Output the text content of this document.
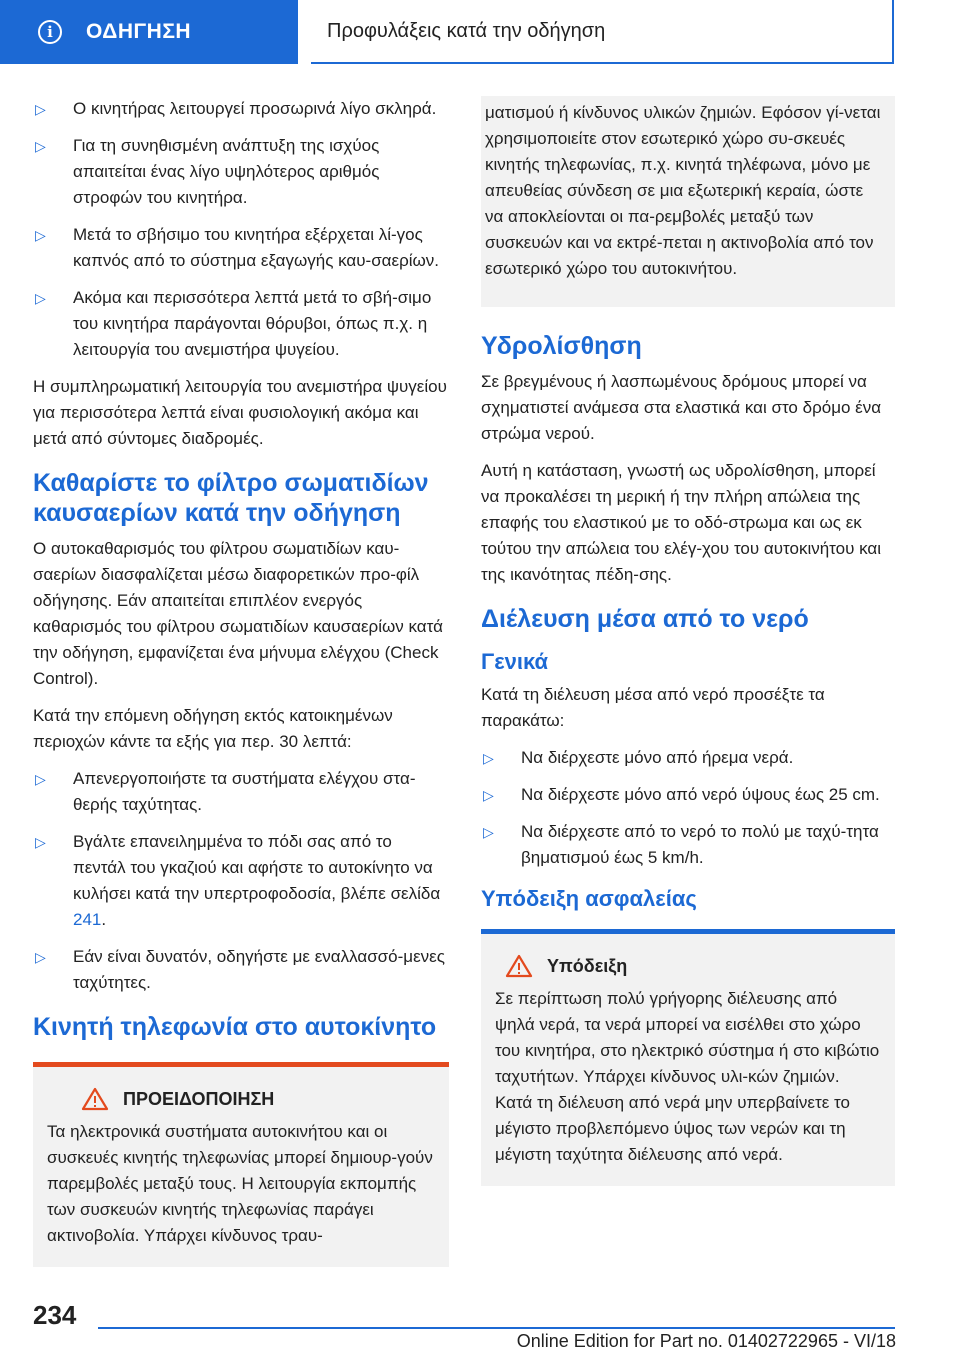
i	ΟΔΗΓΗΣΗ	Προφυλάξεις κατά την οδήγηση
▷ Ο κινητήρας λειτουργεί προσωρινά λίγο σκληρά.
▷ Για τη συνηθισμένη ανάπτυξη της ισχύος απαιτείται ένας λίγο υψηλότερος αριθμός στροφών του κινητήρα.
▷ Μετά το σβήσιμο του κινητήρα εξέρχεται λί-γος καπνός από το σύστημα εξαγωγής καυ-σαερίων.
▷ Ακόμα και περισσότερα λεπτά μετά το σβή-σιμο του κινητήρα παράγονται θόρυβοι, όπως π.χ. η λειτουργία του ανεμιστήρα ψυγείου.

Η συμπληρωματική λειτουργία του ανεμιστήρα ψυγείου για περισσότερα λεπτά είναι φυσιολογική ακόμα και μετά από σύντομες διαδρομές.

Καθαρίστε το φίλτρο σωματιδίων καυσαερίων κατά την οδήγηση

Ο αυτοκαθαρισμός του φίλτρου σωματιδίων καυ-σαερίων διασφαλίζεται μέσω διαφορετικών προ-φίλ οδήγησης. Εάν απαιτείται επιπλέον ενεργός καθαρισμός του φίλτρου σωματιδίων καυσαερίων κατά την οδήγηση, εμφανίζεται ένα μήνυμα ελέγχου (Check Control).

Κατά την επόμενη οδήγηση εκτός κατοικημένων περιοχών κάντε τα εξής για περ. 30 λεπτά:

▷ Απενεργοποιήστε τα συστήματα ελέγχου στα-θερής ταχύτητας.
▷ Βγάλτε επανειλημμένα το πόδι σας από το πεντάλ του γκαζιού και αφήστε το αυτοκίνητο να κυλήσει κατά την υπερτροφοδοσία, βλέπε σελίδα 241.
▷ Εάν είναι δυνατόν, οδηγήστε με εναλλασσό-μενες ταχύτητες.
Κινητή τηλεφωνία στο αυτοκίνητο
ΠΡΟΕΙΔΟΠΟΙΗΣΗ

Τα ηλεκτρονικά συστήματα αυτοκινήτου και οι συσκευές κινητής τηλεφωνίας μπορεί δημιουρ-γούν παρεμβολές μεταξύ τους. Η λειτουργία εκπομπής των συσκευών κινητής τηλεφωνίας παράγει ακτινοβολία. Υπάρχει κίνδυνος τραυ-

ματισμού ή κίνδυνος υλικών ζημιών. Εφόσον γί-νεται χρησιμοποιείτε στον εσωτερικό χώρο συ-σκευές κινητής τηλεφωνίας, π.χ. κινητά τηλέφωνα, μόνο με απευθείας σύνδεση σε μια εξωτερική κεραία, ώστε να αποκλείονται οι πα-ρεμβολές μεταξύ των συσκευών και να εκτρέ-πεται η ακτινοβολία από τον εσωτερικό χώρο του αυτοκινήτου.

Υδρολίσθηση

Σε βρεγμένους ή λασπωμένους δρόμους μπορεί να σχηματιστεί ανάμεσα στα ελαστικά και στο δρόμο ένα στρώμα νερού.

Αυτή η κατάσταση, γνωστή ως υδρολίσθηση, μπορεί να προκαλέσει τη μερική ή την πλήρη απώλεια της επαφής του ελαστικού με το οδό-στρωμα και ως εκ τούτου την απώλεια του ελέγ-χου του αυτοκινήτου και της ικανότητας πέδη-σης.

Διέλευση μέσα από το νερό
Γενικά

Κατά τη διέλευση μέσα από νερό προσέξτε τα παρακάτω:

▷ Να διέρχεστε μόνο από ήρεμα νερά.
▷ Να διέρχεστε μόνο από νερό ύψους έως 25 cm.
▷ Να διέρχεστε από το νερό το πολύ με ταχύ-τητα βηματισμού έως 5 km/h.
Υπόδειξη ασφαλείας
Υπόδειξη

Σε περίπτωση πολύ γρήγορης διέλευσης από ψηλά νερά, τα νερά μπορεί να εισέλθει στο χώρο του κινητήρα, στο ηλεκτρικό σύστημα ή στο κιβώτιο ταχυτήτων. Υπάρχει κίνδυνος υλι-κών ζημιών. Κατά τη διέλευση από νερά μην υπερβαίνετε το μέγιστο προβλεπόμενο ύψος των νερών και τη μέγιστη ταχύτητα διέλευσης από νερά.

234
Online Edition for Part no. 01402722965 - VI/18
